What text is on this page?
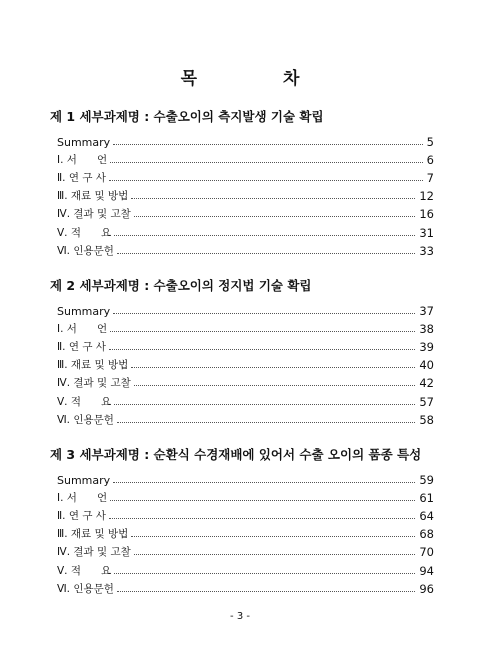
목 차
제 1 세부과제명 : 수출오이의 측지발생 기술 확립
Summary	5
Ⅰ. 서      언	6
Ⅱ. 연 구 사	7
Ⅲ. 재료 및 방법	12
Ⅳ. 결과 및 고찰	16
Ⅴ. 적      요	31
Ⅵ. 인용문헌	33
제 2 세부과제명 : 수출오이의 정지법 기술 확립
Summary	37
Ⅰ. 서      언	38
Ⅱ. 연 구 사	39
Ⅲ. 재료 및 방법	40
Ⅳ. 결과 및 고찰	42
Ⅴ. 적      요	57
Ⅵ. 인용문헌	58
제 3 세부과제명 : 순환식 수경재배에 있어서 수출 오이의 품종 특성
Summary	59
Ⅰ. 서      언	61
Ⅱ. 연 구 사	64
Ⅲ. 재료 및 방법	68
Ⅳ. 결과 및 고찰	70
Ⅴ. 적      요	94
Ⅵ. 인용문헌	96
- 3 -
